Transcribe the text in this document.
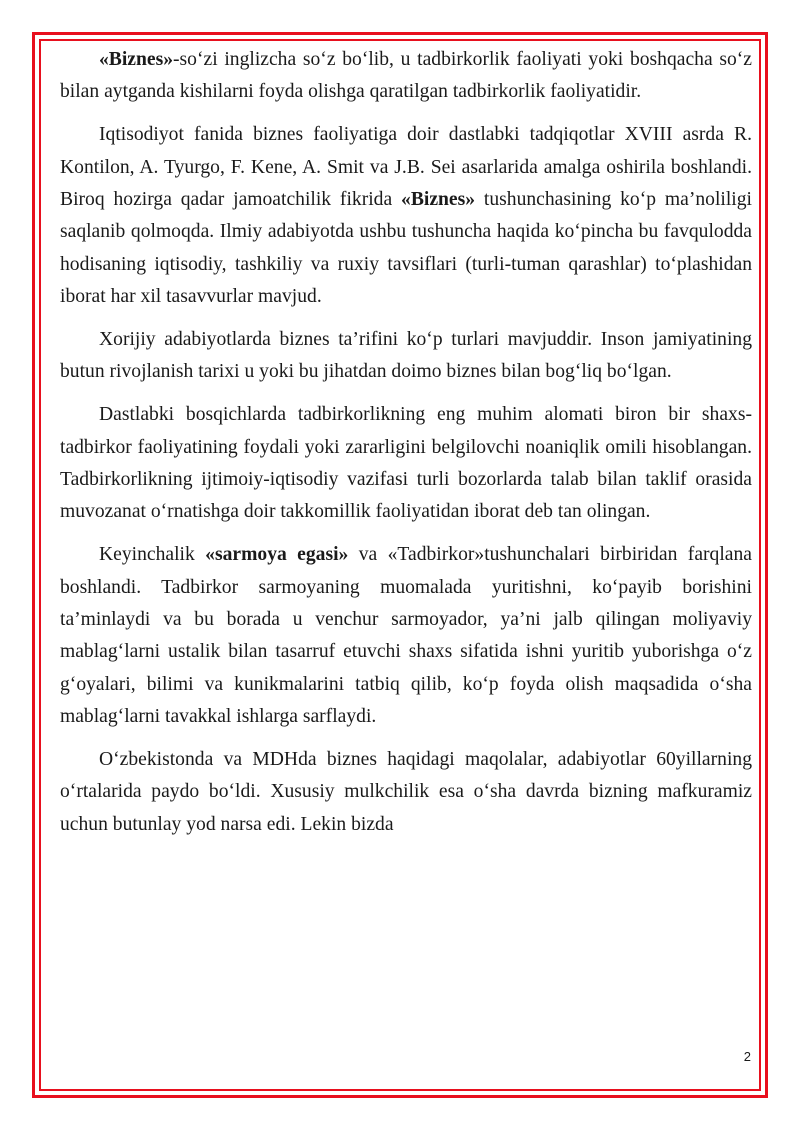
«Biznes»-so‘zi inglizcha so‘z bo‘lib, u tadbirkorlik faoliyati yoki boshqacha so‘z bilan aytganda kishilarni foyda olishga qaratilgan tadbirkorlik faoliyatidir.

Iqtisodiyot fanida biznes faoliyatiga doir dastlabki tadqiqotlar XVIII asrda R. Kontilon, A. Tyurgo, F. Kene, A. Smit va J.B. Sei asarlarida amalga oshirila boshlandi. Biroq hozirga qadar jamoatchilik fikrida «Biznes» tushunchasining ko‘p ma’noliligi saqlanib qolmoqda. Ilmiy adabiyotda ushbu tushuncha haqida ko‘pincha bu favqulodda hodisaning iqtisodiy, tashkiliy va ruxiy tavsiflari (turli-tuman qarashlar) to‘plashidan iborat har xil tasavvurlar mavjud.

Xorijiy adabiyotlarda biznes ta’rifini ko‘p turlari mavjuddir. Inson jamiyatining butun rivojlanish tarixi u yoki bu jihatdan doimo biznes bilan bog‘liq bo‘lgan.

Dastlabki bosqichlarda tadbirkorlikning eng muhim alomati biron bir shaxs-tadbirkor faoliyatining foydali yoki zararligini belgilovchi noaniqlik omili hisoblangan. Tadbirkorlikning ijtimoiy-iqtisodiy vazifasi turli bozorlarda talab bilan taklif orasida muvozanat o‘rnatishga doir takkomillik faoliyatidan iborat deb tan olingan.

Keyinchalik «sarmoya egasi» va «Tadbirkor»tushunchalari birbiridan farqlana boshlandi. Tadbirkor sarmoyaning muomalada yuritishni, ko‘payib borishini ta’minlaydi va bu borada u venchur sarmoyador, ya’ni jalb qilingan moliyaviy mablag‘larni ustalik bilan tasarruf etuvchi shaxs sifatida ishni yuritib yuborishga o‘z g‘oyalari, bilimi va kunikmalarini tatbiq qilib, ko‘p foyda olish maqsadida o‘sha mablag‘larni tavakkal ishlarga sarflaydi.

O‘zbekistonda va MDHda biznes haqidagi maqolalar, adabiyotlar 60yillarning o‘rtalarida paydo bo‘ldi. Xususiy mulkchilik esa o‘sha davrda bizning mafkuramiz uchun butunlay yod narsa edi. Lekin bizda

2
